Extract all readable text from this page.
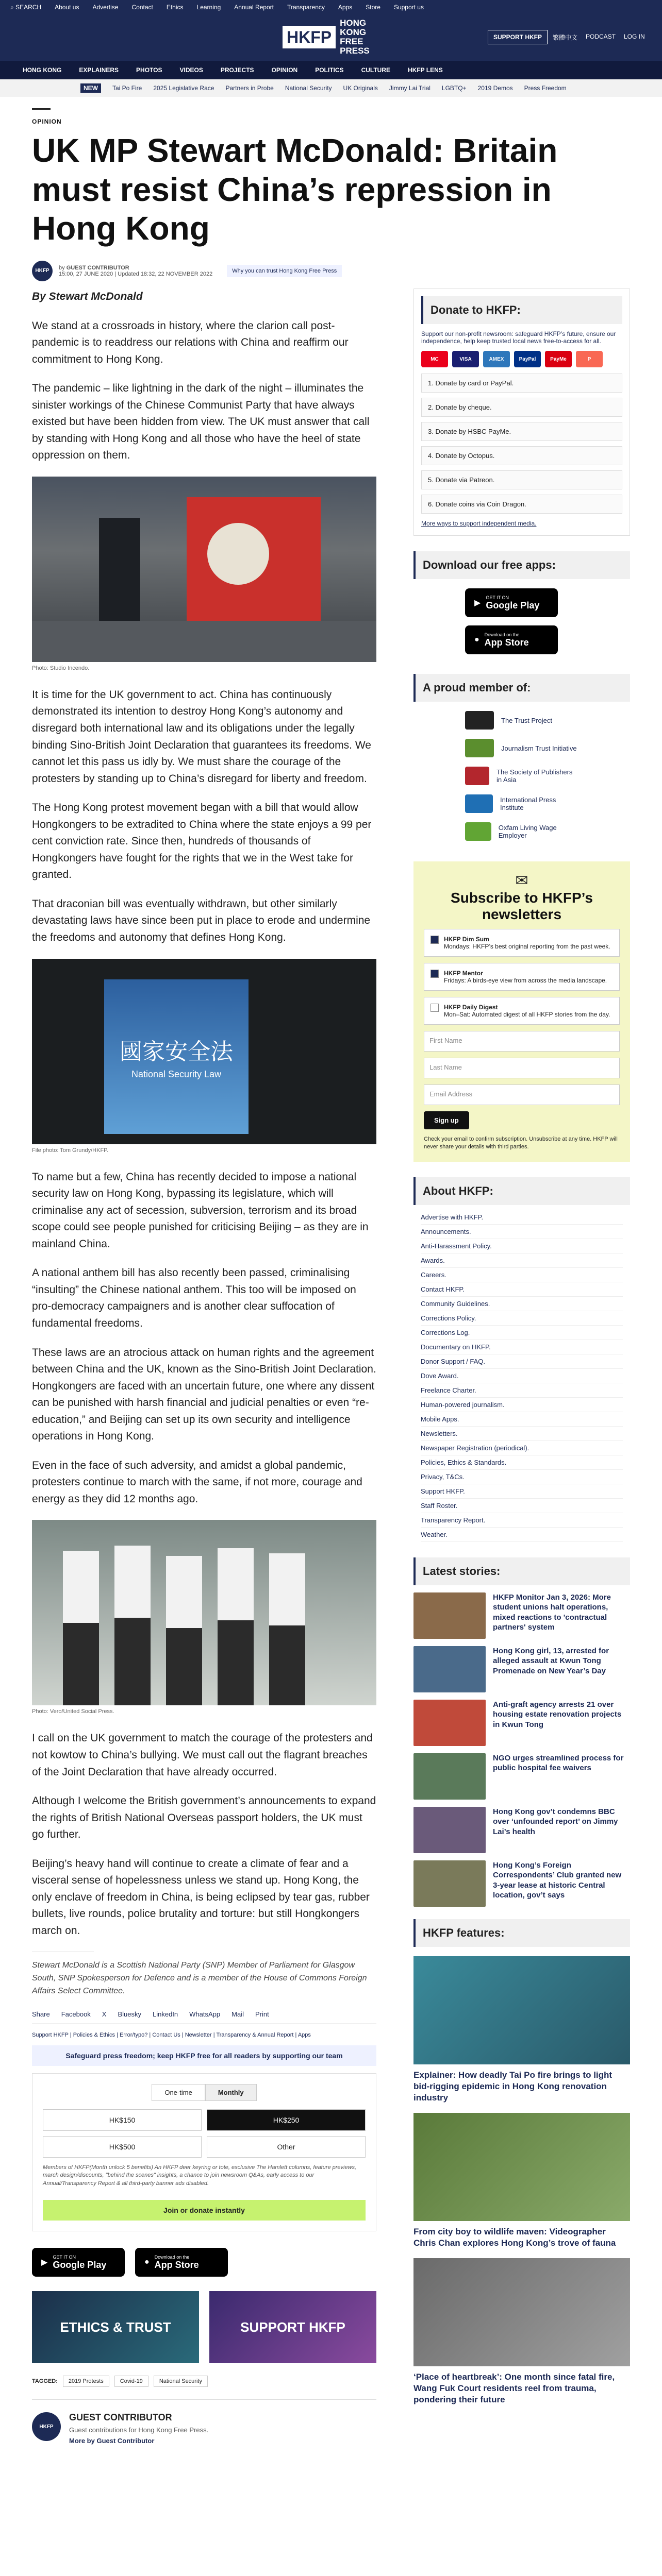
⌕ SEARCH About us Advertise Contact Ethics Learning Annual Report Transparency Apps Store Support us
HKFP
HONG KONG
FREE PRESS
SUPPORT HKFP	繁體中文 PODCAST LOG IN
HONG KONG	EXPLAINERS	PHOTOS	VIDEOS	PROJECTS	OPINION	POLITICS	CULTURE	HKFP LENS
NEW	Tai Po Fire 2025 Legislative Race Partners in Probe National Security UK Originals Jimmy Lai Trial LGBTQ+ 2019 Demos Press Freedom
OPINION
UK MP Stewart McDonald: Britain must resist China’s repression in Hong Kong
HKFP	by GUEST CONTRIBUTOR
15:00, 27 JUNE 2020 | Updated 18:32, 22 NOVEMBER 2022	Why you can trust Hong Kong Free Press

By Stewart McDonald

We stand at a crossroads in history, where the clarion call post-pandemic is to readdress our relations with China and reaffirm our commitment to Hong Kong.

The pandemic – like lightning in the dark of the night – illuminates the sinister workings of the Chinese Communist Party that have always existed but have been hidden from view. The UK must answer that call by standing with Hong Kong and all those who have the heel of state oppression on them.

Photo: Studio Incendo.

It is time for the UK government to act. China has continuously demonstrated its intention to destroy Hong Kong’s autonomy and disregard both international law and its obligations under the legally binding Sino-British Joint Declaration that guarantees its freedoms. We cannot let this pass us idly by. We must share the courage of the protesters by standing up to China’s disregard for liberty and freedom.

The Hong Kong protest movement began with a bill that would allow Hongkongers to be extradited to China where the state enjoys a 99 per cent conviction rate. Since then, hundreds of thousands of Hongkongers have fought for the rights that we in the West take for granted.

That draconian bill was eventually withdrawn, but other similarly devastating laws have since been put in place to erode and undermine the freedoms and autonomy that defines Hong Kong.

國家安全法
National Security Law
File photo: Tom Grundy/HKFP.

To name but a few, China has recently decided to impose a national security law on Hong Kong, bypassing its legislature, which will criminalise any act of secession, subversion, terrorism and its broad scope could see people punished for criticising Beijing – as they are in mainland China.

A national anthem bill has also recently been passed, criminalising “insulting” the Chinese national anthem. This too will be imposed on pro-democracy campaigners and is another clear suffocation of fundamental freedoms.

These laws are an atrocious attack on human rights and the agreement between China and the UK, known as the Sino-British Joint Declaration. Hongkongers are faced with an uncertain future, one where any dissent can be punished with harsh financial and judicial penalties or even “re-education,” and Beijing can set up its own security and intelligence operations in Hong Kong.

Even in the face of such adversity, and amidst a global pandemic, protesters continue to march with the same, if not more, courage and energy as they did 12 months ago.

Photo: Vero/United Social Press.

I call on the UK government to match the courage of the protesters and not kowtow to China’s bullying. We must call out the flagrant breaches of the Joint Declaration that have already occurred.

Although I welcome the British government’s announcements to expand the rights of British National Overseas passport holders, the UK must go further.

Beijing’s heavy hand will continue to create a climate of fear and a visceral sense of hopelessness unless we stand up. Hong Kong, the only enclave of freedom in China, is being eclipsed by tear gas, rubber bullets, live rounds, police brutality and torture: but still Hongkongers march on.

Stewart McDonald is a Scottish National Party (SNP) Member of Parliament for Glasgow South, SNP Spokesperson for Defence and is a member of the House of Commons Foreign Affairs Select Committee.

Share Facebook X Bluesky LinkedIn WhatsApp Mail Print
Support HKFP | Policies & Ethics | Error/typo? | Contact Us | Newsletter | Transparency & Annual Report | Apps
Safeguard press freedom; keep HKFP free for all readers by supporting our team
One-time	Monthly
HK$150	HK$250
HK$500	Other

Members of HKFP(Month unlock 5 benefits) An HKFP deer keyring or tote, exclusive The Hamlett columns, feature previews, march design/discounts, "behind the scenes" insights, a chance to join newsroom Q&As, early access to our Annual/Transparency Report & all third-party banner ads disabled.

Join or donate instantly
▶
GET IT ON
Google Play	●
Download on the
App Store
ETHICS & TRUST	SUPPORT HKFP
TAGGED:	2019 Protests	Covid-19	National Security
HKFP
GUEST CONTRIBUTOR
Guest contributions for Hong Kong Free Press.
More by Guest Contributor
Donate to HKFP:

Support our non-profit newsroom: safeguard HKFP’s future, ensure our independence, help keep trusted local news free-to-access for all.

MC	VISA	AMEX	PayPal	PayMe	P
1. Donate by card or PayPal.
2. Donate by cheque.
3. Donate by HSBC PayMe.
4. Donate by Octopus.
5. Donate via Patreon.
6. Donate coins via Coin Dragon.
More ways to support independent media.
Download our free apps:
▶
GET IT ON
Google Play

●
Download on the
App Store
A proud member of:
The Trust Project
Journalism Trust Initiative
The Society of Publishers in Asia
International Press Institute
Oxfam Living Wage Employer
✉
Subscribe to HKFP’s newsletters
HKFP Dim Sum
Mondays: HKFP’s best original reporting from the past week.
HKFP Mentor
Fridays: A birds-eye view from across the media landscape.
HKFP Daily Digest
Mon–Sat: Automated digest of all HKFP stories from the day.
First Name
Last Name
Email Address
Sign up

Check your email to confirm subscription. Unsubscribe at any time. HKFP will never share your details with third parties.

About HKFP:
Advertise with HKFP.
Announcements.
Anti-Harassment Policy.
Awards.
Careers.
Contact HKFP.
Community Guidelines.
Corrections Policy.
Corrections Log.
Documentary on HKFP.
Donor Support / FAQ.
Dove Award.
Freelance Charter.
Human-powered journalism.
Mobile Apps.
Newsletters.
Newspaper Registration (periodical).
Policies, Ethics & Standards.
Privacy, T&Cs.
Support HKFP.
Staff Roster.
Transparency Report.
Weather.
Latest stories:
HKFP Monitor Jan 3, 2026: More student unions halt operations, mixed reactions to 'contractual partners' system
Hong Kong girl, 13, arrested for alleged assault at Kwun Tong Promenade on New Year’s Day
Anti-graft agency arrests 21 over housing estate renovation projects in Kwun Tong
NGO urges streamlined process for public hospital fee waivers
Hong Kong gov’t condemns BBC over ‘unfounded report’ on Jimmy Lai’s health
Hong Kong’s Foreign Correspondents’ Club granted new 3-year lease at historic Central location, gov’t says
HKFP features:
Explainer: How deadly Tai Po fire brings to light bid-rigging epidemic in Hong Kong renovation industry
From city boy to wildlife maven: Videographer Chris Chan explores Hong Kong’s trove of fauna
‘Place of heartbreak’: One month since fatal fire, Wang Fuk Court residents reel from trauma, pondering their future
